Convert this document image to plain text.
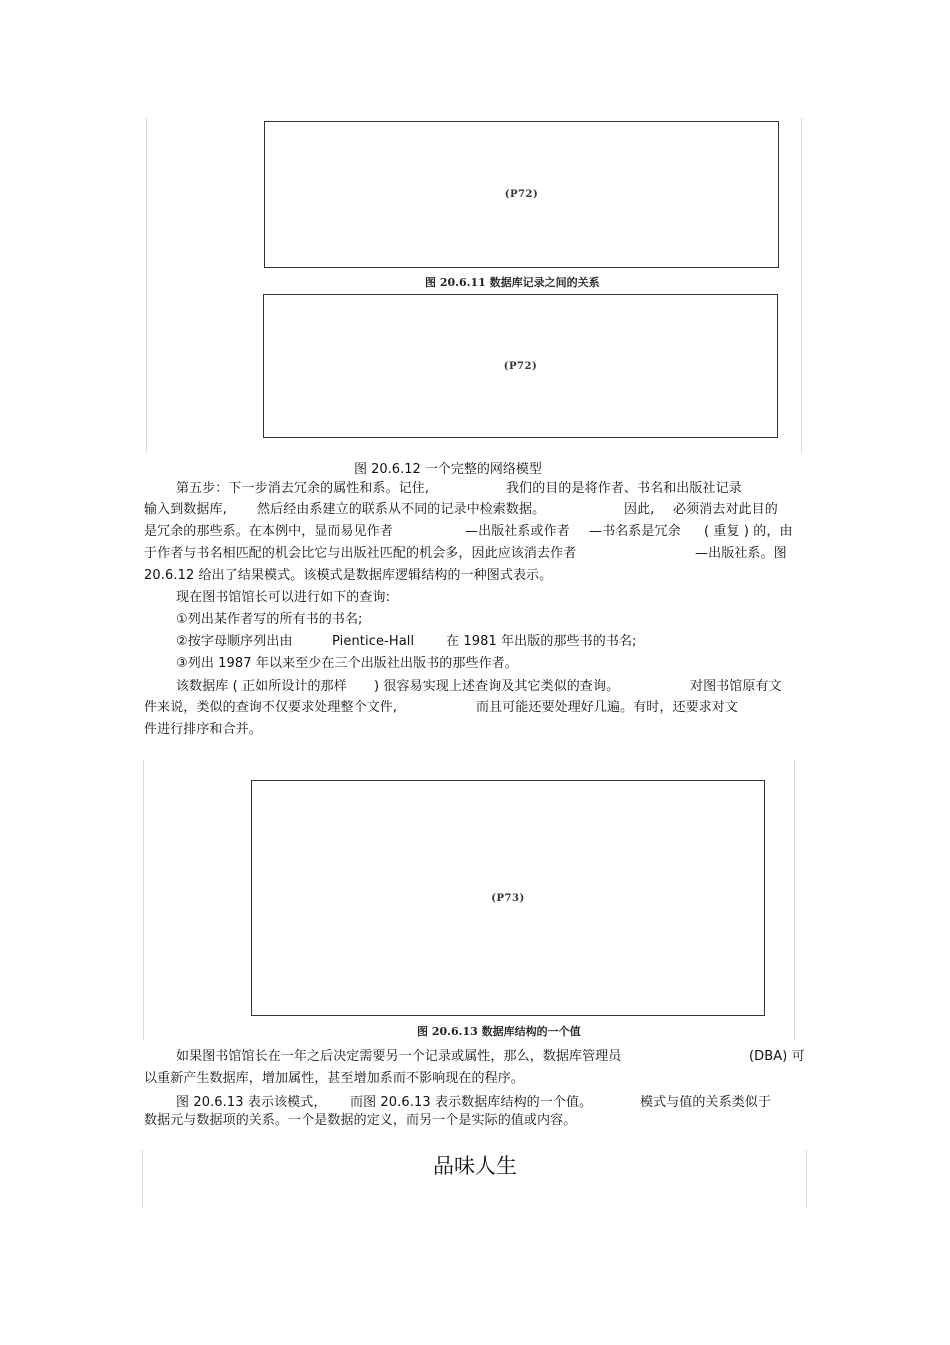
(P72)
图 20.6.11 数据库记录之间的关系
(P72)
图 20.6.12 一个完整的网络模型
第五步：下一步消去冗余的属性和系。记住,	我们的目的是将作者、书名和出版社记录
输入到数据库, 然后经由系建立的联系从不同的记录中检索数据。	因此, 必须消去对此目的
是冗余的那些系。在本例中，显而易见作者	—出版社系或作者 —书名系是冗余 ( 重复 ) 的，由
于作者与书名相匹配的机会比它与出版社匹配的机会多，因此应该消去作者	—出版社系。图
20.6.12 给出了结果模式。该模式是数据库逻辑结构的一种图式表示。
现在图书馆馆长可以进行如下的查询:
①列出某作者写的所有书的书名;
②按字母顺序列出由	Pientice-Hall 在 1981 年出版的那些书的书名;
③列出 1987 年以来至少在三个出版社出版书的那些作者。
该数据库 ( 正如所设计的那样 ) 很容易实现上述查询及其它类似的查询。	对图书馆原有文
件来说，类似的查询不仅要求处理整个文件,	而且可能还要处理好几遍。有时，还要求对文
件进行排序和合并。
(P73)
图 20.6.13 数据库结构的一个值
如果图书馆馆长在一年之后决定需要另一个记录或属性，那么，数据库管理员	(DBA) 可
以重新产生数据库，增加属性，甚至增加系而不影响现在的程序。
图 20.6.13 表示该模式， 而图 20.6.13 表示数据库结构的一个值。	模式与值的关系类似于
数据元与数据项的关系。一个是数据的定义，而另一个是实际的值或内容。
品味人生
